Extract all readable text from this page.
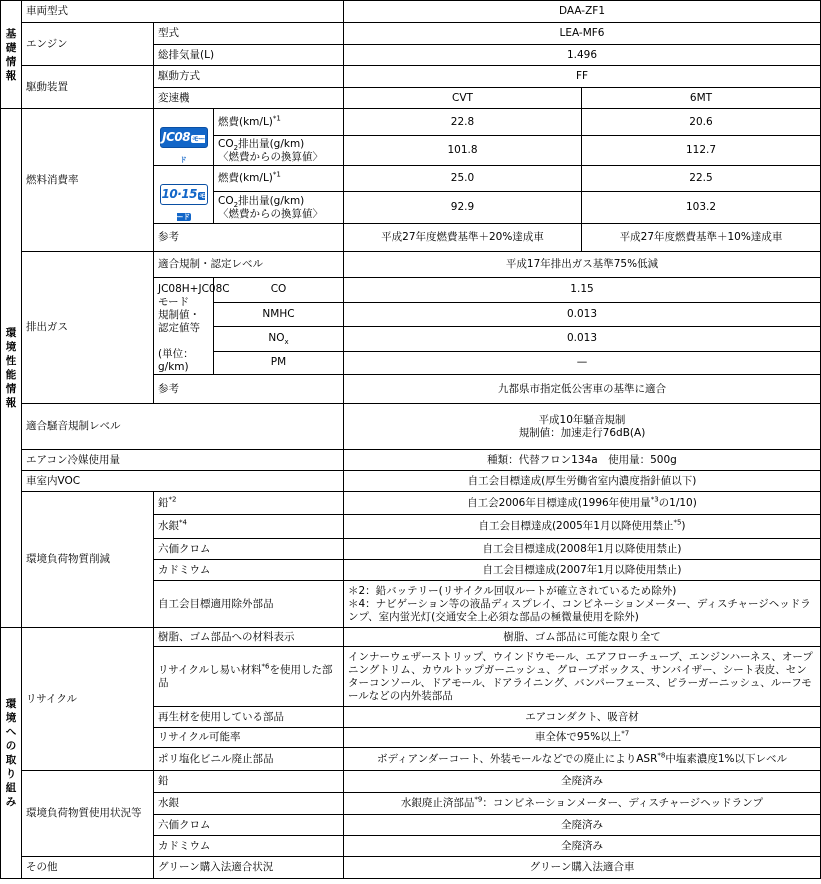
基礎情報	車両型式			DAA-ZF1	
	エンジン	型式		LEA-MF6	
		総排気量(L)		1.496	
	駆動装置	駆動方式		FF	
		変速機		CVT	6MT
環境性能情報	燃料消費率	JC08 モード	燃費$(km/L)^{*1}$	22.8	20.6
			$CO_2$排出量(g/km)
〈燃費からの換算値〉	101.8	112.7

		10·15 モード	燃費$(km/L)^{*1}$	25.0	22.5
			$CO_2$排出量(g/km)
〈燃費からの換算値〉	92.9	103.2
		参考		平成27年度燃費基準＋20%達成車	平成27年度燃費基準＋10%達成車
	排出ガス	適合規制・認定レベル		平成17年排出ガス基準75%低減	
		JC08H+JC08Cモード
規制値・認定値等

(単位：g/km)	CO	1.15	
			NMHC	0.013	
			$NO_x$	0.013	
			PM	—	
		参考		九都県市指定低公害車の基準に適合	
	適合騒音規制レベル			平成10年騒音規制
規制値：加速走行76dB(A)	
	エアコン冷媒使用量			種類：代替フロン134a　使用量：500g	
	車室内VOC			自工会目標達成(厚生労働省室内濃度指針値以下)	
	環境負荷物質削減	鉛$^{*2}$		自工会2006年目標達成(1996年使用量$^{*3}$の1/10)	
		水銀$^{*4}$		自工会目標達成(2005年1月以降使用禁止$^{*5}$)	
		六価クロム		自工会目標達成(2008年1月以降使用禁止)	
		カドミウム		自工会目標達成(2007年1月以降使用禁止)	
		自工会目標適用除外部品		＊2：鉛バッテリー(リサイクル回収ルートが確立されているため除外)
＊4：ナビゲーション等の液晶ディスプレイ、コンビネーションメーター、ディスチャージヘッドランプ、室内蛍光灯(交通安全上必須な部品の極微量使用を除外)	
環境への取り組み	リサイクル	樹脂、ゴム部品への材料表示		樹脂、ゴム部品に可能な限り全て	
		リサイクルし易い材料$^{*6}$を使用した部品		インナーウェザーストリップ、ウインドウモール、エアフローチューブ、エンジンハーネス、オープニングトリム、カウルトップガーニッシュ、グローブボックス、サンバイザー、シート表皮、センターコンソール、ドアモール、ドアライニング、バンパーフェース、ピラーガーニッシュ、ルーフモールなどの内外装部品	
		再生材を使用している部品		エアコンダクト、吸音材	
		リサイクル可能率		車全体で95%以上$^{*7}$
		ポリ塩化ビニル廃止部品		ボディアンダーコート、外装モールなどでの廃止によりASR$^{*8}$中塩素濃度1%以下レベル	
	環境負荷物質使用状況等	鉛		全廃済み	
		水銀		水銀廃止済部品$^{*9}$：コンビネーションメーター、ディスチャージヘッドランプ	
		六価クロム		全廃済み	
		カドミウム		全廃済み	
	その他	グリーン購入法適合状況		グリーン購入法適合車	
